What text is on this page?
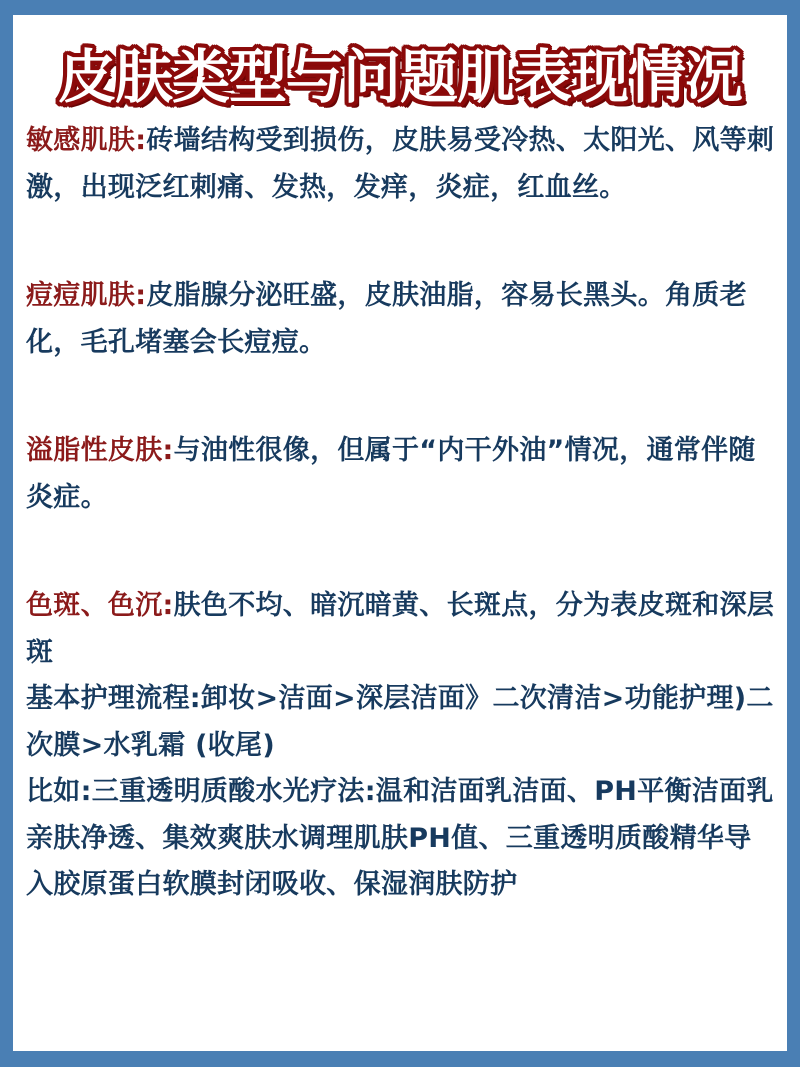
皮肤类型与问题肌表现情况

敏感肌肤:砖墙结构受到损伤，皮肤易受冷热、太阳光、风等刺激，出现泛红刺痛、发热，发痒，炎症，红血丝。

痘痘肌肤:皮脂腺分泌旺盛，皮肤油脂，容易长黑头。角质老化，毛孔堵塞会长痘痘。

溢脂性皮肤:与油性很像，但属于“内干外油”情况，通常伴随炎症。

色斑、色沉:肤色不均、暗沉暗黄、长斑点，分为表皮斑和深层斑

基本护理流程:卸妆>洁面>深层洁面》二次清洁>功能护理)二次膜>水乳霜 (收尾)

比如:三重透明质酸水光疗法:温和洁面乳洁面、PH平衡洁面乳亲肤净透、集效爽肤水调理肌肤PH值、三重透明质酸精华导入胶原蛋白软膜封闭吸收、保湿润肤防护
